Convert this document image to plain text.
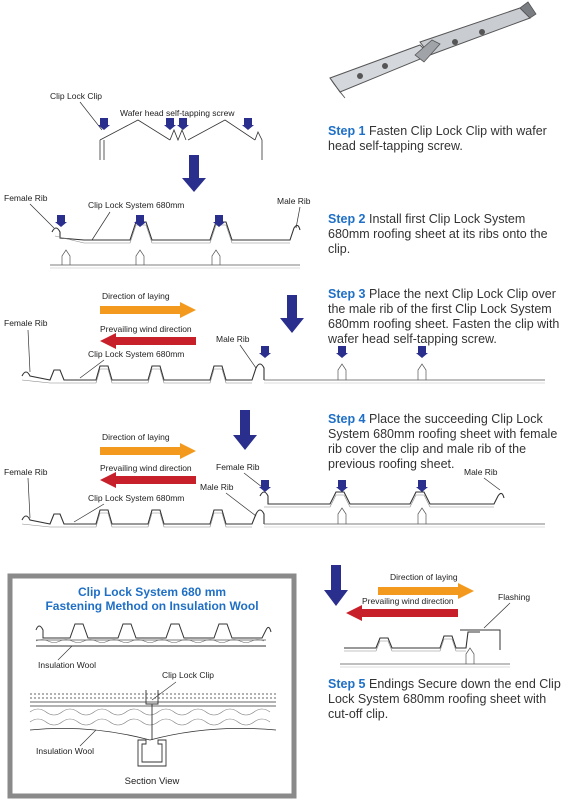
Clip Lock Clip
Wafer head self-tapping screw
Female Rib
Clip Lock System 680mm	Male Rib
Direction of laying
Prevailing wind direction
Female Rib
Clip Lock System 680mm
Male Rib
Direction of laying
Prevailing wind direction
Female Rib
Clip Lock System 680mm
Female Rib
Male Rib
Male Rib
Direction of laying
Prevailing wind direction	Flashing
Clip Lock System 680 mm
Fastening Method on Insulation Wool
Insulation Wool
Clip Lock Clip
Insulation Wool
Section View
Step 1 Fasten Clip Lock Clip with wafer head self-tapping screw.
Step 2 Install first Clip Lock System 680mm roofing sheet at its ribs onto the clip.
Step 3 Place the next Clip Lock Clip over the male rib of the first Clip Lock System 680mm roofing sheet. Fasten the clip with wafer head self-tapping screw.
Step 4 Place the succeeding Clip Lock System 680mm roofing sheet with female rib cover the clip and male rib of the previous roofing sheet.
Step 5 Endings Secure down the end Clip Lock System 680mm roofing sheet with cut-off clip.
